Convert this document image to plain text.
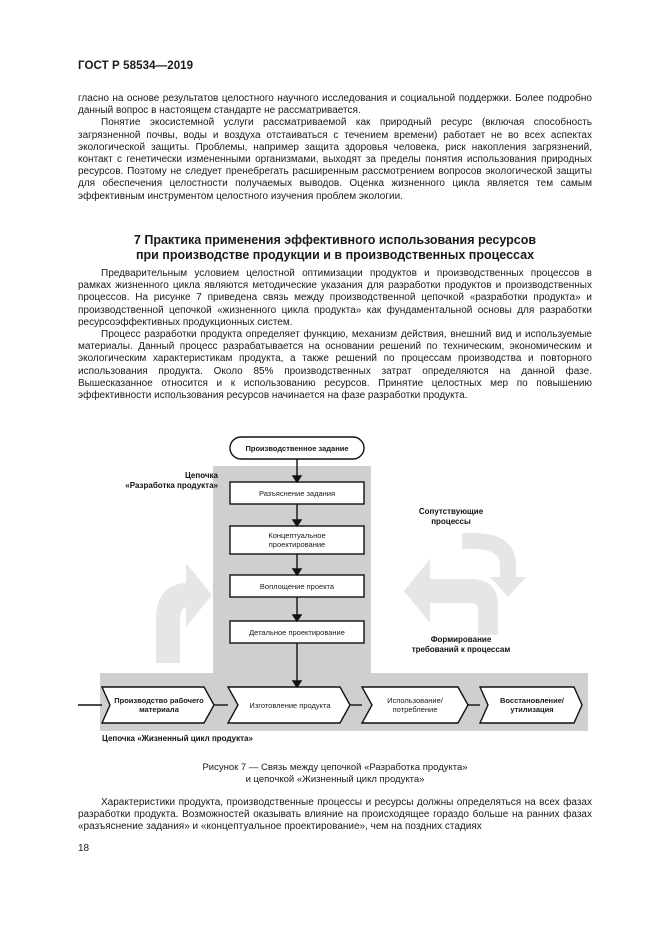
ГОСТ Р 58534—2019

гласно на основе результатов целостного научного исследования и социальной поддержки. Более подробно данный вопрос в настоящем стандарте не рассматривается.

Понятие экосистемной услуги рассматриваемой как природный ресурс (включая способность загрязненной почвы, воды и воздуха отстаиваться с течением времени) работает не во всех аспектах экологической защиты. Проблемы, например защита здоровья человека, риск накопления загрязнений, контакт с генетически измененными организмами, выходят за пределы понятия использования природных ресурсов. Поэтому не следует пренебрегать расширенным рассмотрением вопросов экологической защиты для обеспечения целостности получаемых выводов. Оценка жизненного цикла является тем самым эффективным инструментом целостного изучения проблем экологии.

7 Практика применения эффективного использования ресурсов
при производстве продукции и в производственных процессах

Предварительным условием целостной оптимизации продуктов и производственных процессов в рамках жизненного цикла являются методические указания для разработки продуктов и производственных процессов. На рисунке 7 приведена связь между производственной цепочкой «разработки продукта» и производственной цепочкой «жизненного цикла продукта» как фундаментальной основы для разработки ресурсоэффективных продукционных систем.

Процесс разработки продукта определяет функцию, механизм действия, внешний вид и используемые материалы. Данный процесс разрабатывается на основании решений по техническим, экономическим и экологическим характеристикам продукта, а также решений по процессам производства и повторного использования продукта. Около 85% производственных затрат определяются на данной фазе. Вышесказанное относится и к использованию ресурсов. Принятие целостных мер по повышению эффективности использования ресурсов начинается на фазе разработки продукта.

Производственное задание
Разъяснение задания
Концептуальное проектирование
Воплощение проекта
Детальное проектирование
Цепочка
«Разработка продукта»
Сопутствующие
процессы
Формирование
требований к процессам
Производство рабочего материала	Изготовление продукта	Использование/ потребление
Восстановление/ утилизация
Цепочка «Жизненный цикл продукта»
Рисунок 7 — Связь между цепочкой «Разработка продукта»
и цепочкой «Жизненный цикл продукта»

Характеристики продукта, производственные процессы и ресурсы должны определяться на всех фазах разработки продукта. Возможностей оказывать влияние на происходящее гораздо больше на ранних фазах «разъяснение задания» и «концептуальное проектирование», чем на поздних стадиях

18
